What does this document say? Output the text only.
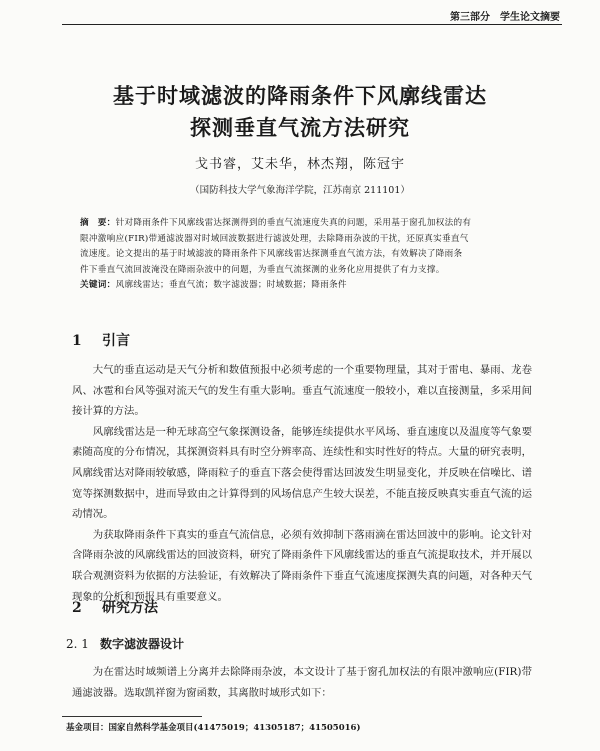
第三部分　学生论文摘要
基于时域滤波的降雨条件下风廓线雷达
探测垂直气流方法研究
戈书睿，艾未华，林杰翔，陈冠宇
（国防科技大学气象海洋学院，江苏南京 211101）
摘　要：针对降雨条件下风廓线雷达探测得到的垂直气流速度失真的问题，采用基于窗孔加权法的有
限冲激响应(FIR)带通滤波器对时域回波数据进行滤波处理，去除降雨杂波的干扰，还原真实垂直气
流速度。论文提出的基于时域滤波的降雨条件下风廓线雷达探测垂直气流方法，有效解决了降雨条
件下垂直气流回波淹没在降雨杂波中的问题，为垂直气流探测的业务化应用提供了有力支撑。
关键词：风廓线雷达；垂直气流；数字滤波器；时域数据；降雨条件
1 引言

大气的垂直运动是天气分析和数值预报中必须考虑的一个重要物理量，其对于雷电、暴雨、龙卷风、冰雹和台风等强对流天气的发生有重大影响。垂直气流速度一般较小，难以直接测量，多采用间接计算的方法。

风廓线雷达是一种无球高空气象探测设备，能够连续提供水平风场、垂直速度以及温度等气象要素随高度的分布情况，其探测资料具有时空分辨率高、连续性和实时性好的特点。大量的研究表明，风廓线雷达对降雨较敏感，降雨粒子的垂直下落会使得雷达回波发生明显变化，并反映在信噪比、谱宽等探测数据中，进而导致由之计算得到的风场信息产生较大误差，不能直接反映真实垂直气流的运动情况。

为获取降雨条件下真实的垂直气流信息，必须有效抑制下落雨滴在雷达回波中的影响。论文针对含降雨杂波的风廓线雷达的回波资料，研究了降雨条件下风廓线雷达的垂直气流提取技术，并开展以联合观测资料为依据的方法验证，有效解决了降雨条件下垂直气流速度探测失真的问题，对各种天气现象的分析和预报具有重要意义。

2 研究方法
2. 1 数字滤波器设计

为在雷达时域频谱上分离并去除降雨杂波，本文设计了基于窗孔加权法的有限冲激响应(FIR)带通滤波器。选取凯祥窗为窗函数，其离散时域形式如下：

基金项目：国家自然科学基金项目(41475019；41305187；41505016)
